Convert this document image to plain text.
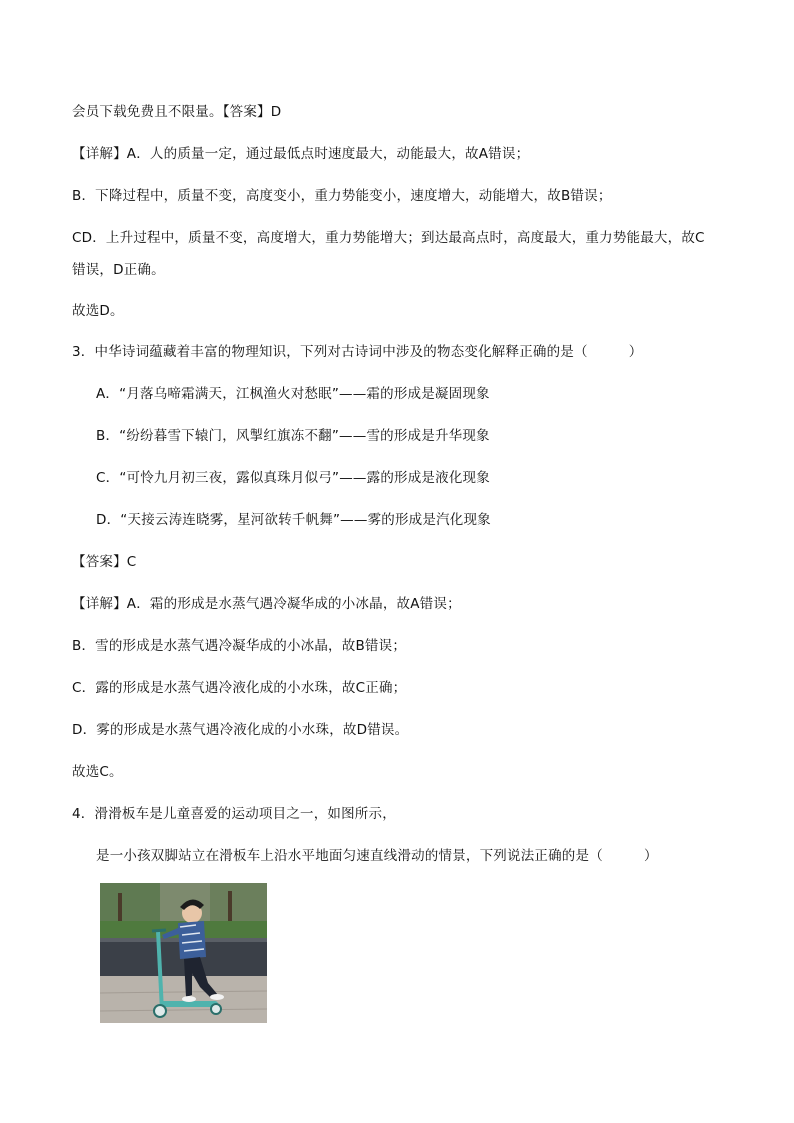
会员下载免费且不限量。【答案】D
【详解】A．人的质量一定，通过最低点时速度最大，动能最大，故A错误；
B．下降过程中，质量不变，高度变小，重力势能变小，速度增大，动能增大，故B错误；
CD．上升过程中，质量不变，高度增大，重力势能增大；到达最高点时，高度最大，重力势能最大，故C
错误，D正确。
故选D。
3．中华诗词蕴藏着丰富的物理知识，下列对古诗词中涉及的物态变化解释正确的是（　　　）
A．“月落乌啼霜满天，江枫渔火对愁眠”——霜的形成是凝固现象
B．“纷纷暮雪下辕门，风掣红旗冻不翻”——雪的形成是升华现象
C．“可怜九月初三夜，露似真珠月似弓”——露的形成是液化现象
D．“天接云涛连晓雾，星河欲转千帆舞”——雾的形成是汽化现象
【答案】C
【详解】A．霜的形成是水蒸气遇冷凝华成的小冰晶，故A错误；
B．雪的形成是水蒸气遇冷凝华成的小冰晶，故B错误；
C．露的形成是水蒸气遇冷液化成的小水珠，故C正确；
D．雾的形成是水蒸气遇冷液化成的小水珠，故D错误。
故选C。
4．滑滑板车是儿童喜爱的运动项目之一，如图所示，
是一小孩双脚站立在滑板车上沿水平地面匀速直线滑动的情景，下列说法正确的是（　　　）
